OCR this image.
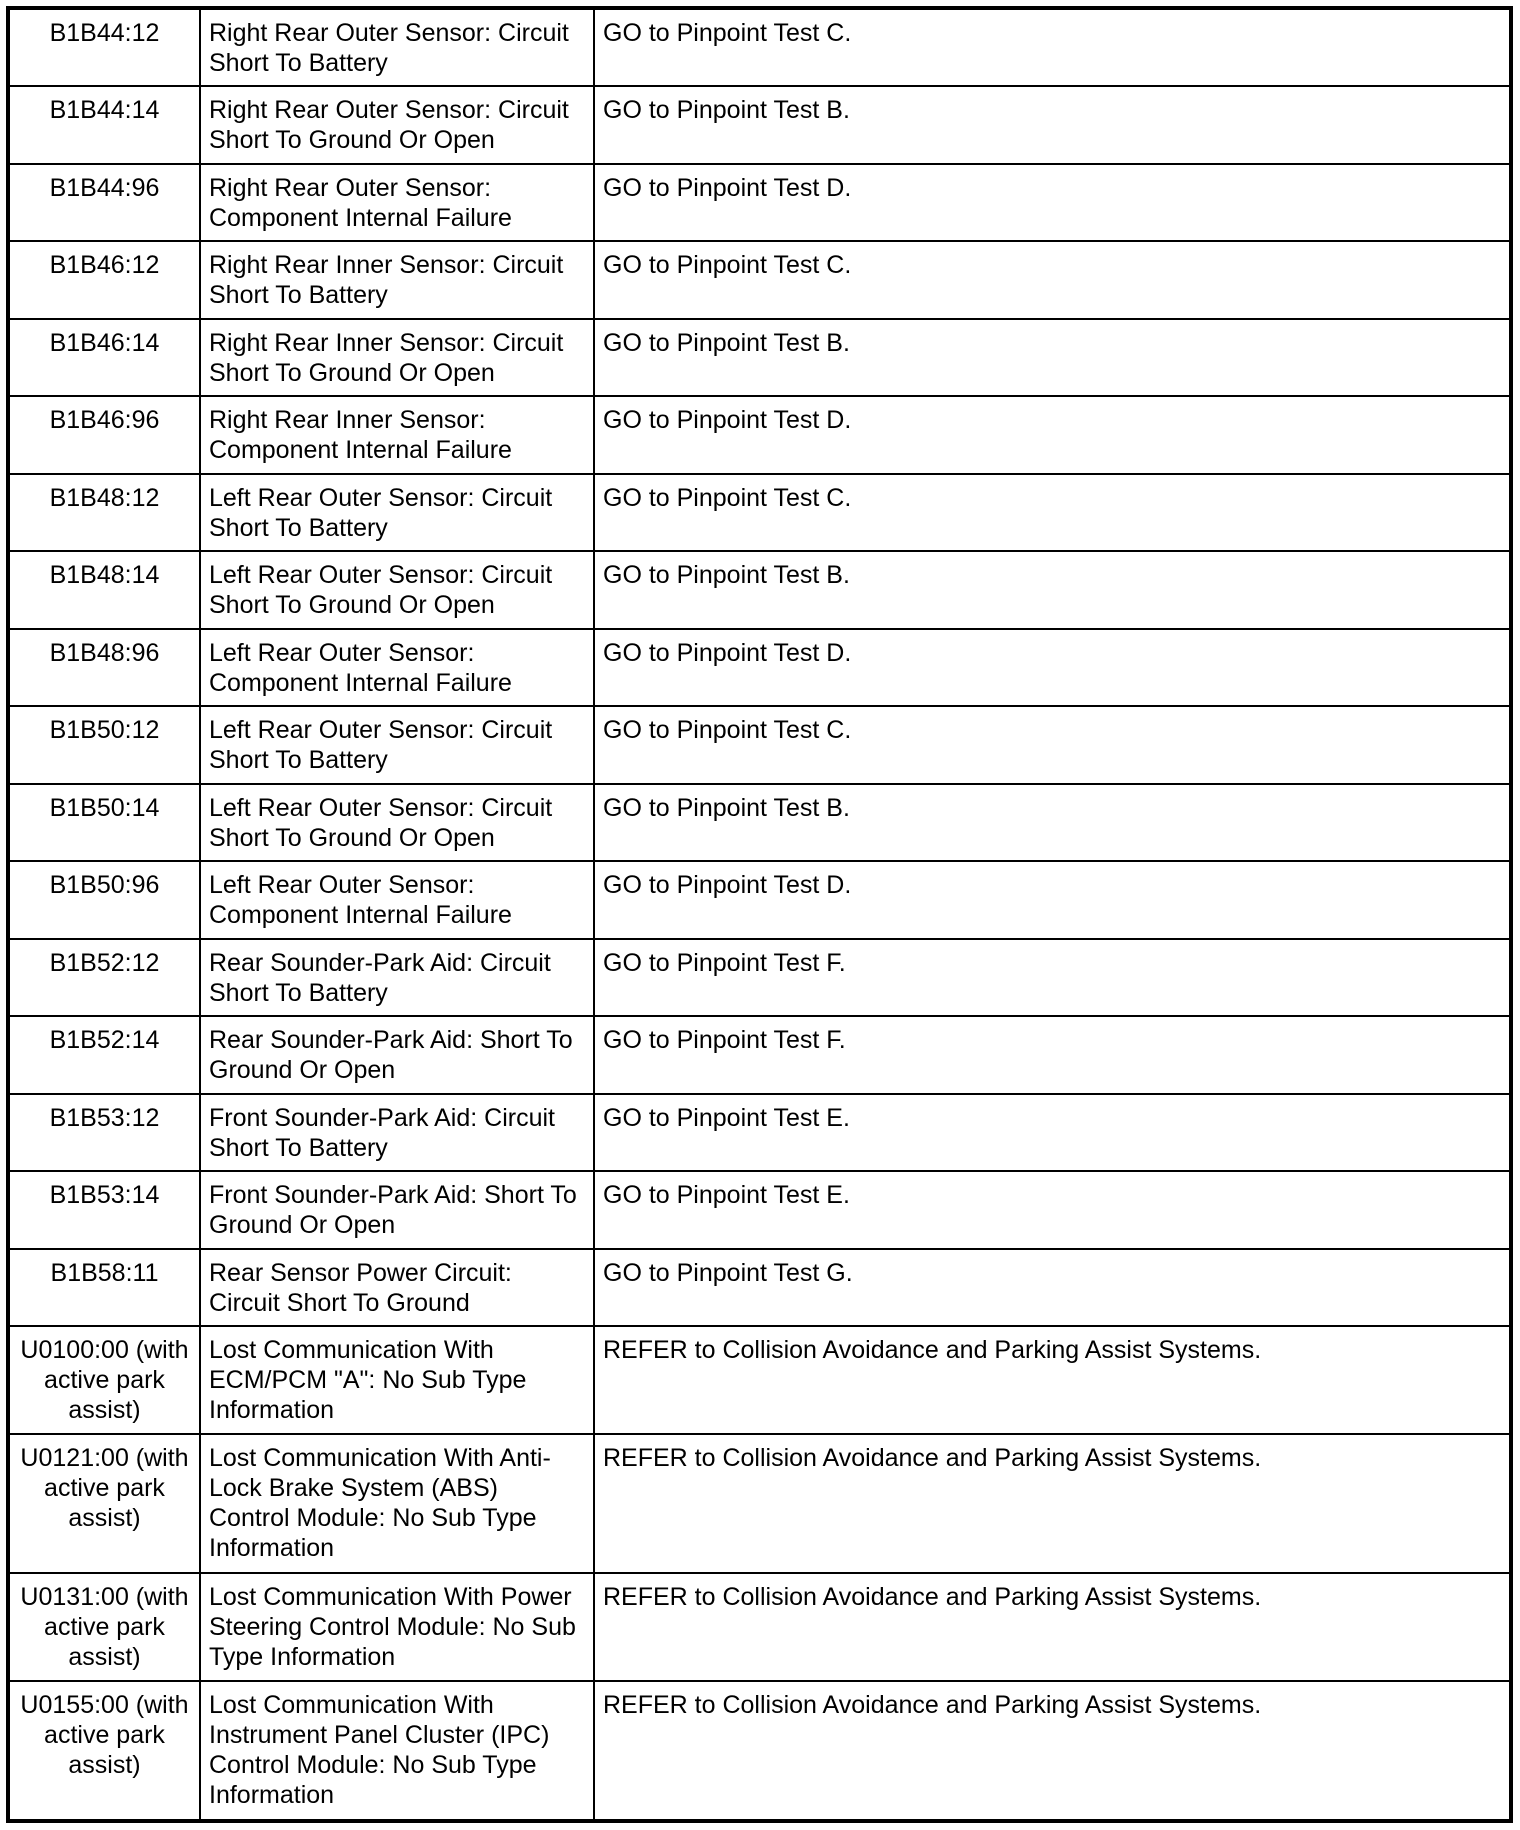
B1B44:12	Right Rear Outer Sensor: Circuit Short To Battery	GO to Pinpoint Test C.
B1B44:14	Right Rear Outer Sensor: Circuit Short To Ground Or Open	GO to Pinpoint Test B.
B1B44:96	Right Rear Outer Sensor: Component Internal Failure	GO to Pinpoint Test D.
B1B46:12	Right Rear Inner Sensor: Circuit Short To Battery	GO to Pinpoint Test C.
B1B46:14	Right Rear Inner Sensor: Circuit Short To Ground Or Open	GO to Pinpoint Test B.
B1B46:96	Right Rear Inner Sensor: Component Internal Failure	GO to Pinpoint Test D.
B1B48:12	Left Rear Outer Sensor: Circuit Short To Battery	GO to Pinpoint Test C.
B1B48:14	Left Rear Outer Sensor: Circuit Short To Ground Or Open	GO to Pinpoint Test B.
B1B48:96	Left Rear Outer Sensor: Component Internal Failure	GO to Pinpoint Test D.
B1B50:12	Left Rear Outer Sensor: Circuit Short To Battery	GO to Pinpoint Test C.
B1B50:14	Left Rear Outer Sensor: Circuit Short To Ground Or Open	GO to Pinpoint Test B.
B1B50:96	Left Rear Outer Sensor: Component Internal Failure	GO to Pinpoint Test D.
B1B52:12	Rear Sounder-Park Aid: Circuit Short To Battery	GO to Pinpoint Test F.
B1B52:14	Rear Sounder-Park Aid: Short To Ground Or Open	GO to Pinpoint Test F.
B1B53:12	Front Sounder-Park Aid: Circuit Short To Battery	GO to Pinpoint Test E.
B1B53:14	Front Sounder-Park Aid: Short To Ground Or Open	GO to Pinpoint Test E.
B1B58:11	Rear Sensor Power Circuit: Circuit Short To Ground	GO to Pinpoint Test G.
U0100:00 (with active park assist)	Lost Communication With ECM/PCM "A": No Sub Type Information	REFER to Collision Avoidance and Parking Assist Systems.
U0121:00 (with active park assist)	Lost Communication With Anti-Lock Brake System (ABS) Control Module: No Sub Type Information	REFER to Collision Avoidance and Parking Assist Systems.
U0131:00 (with active park assist)	Lost Communication With Power Steering Control Module: No Sub Type Information	REFER to Collision Avoidance and Parking Assist Systems.
U0155:00 (with active park assist)	Lost Communication With Instrument Panel Cluster (IPC) Control Module: No Sub Type Information	REFER to Collision Avoidance and Parking Assist Systems.
